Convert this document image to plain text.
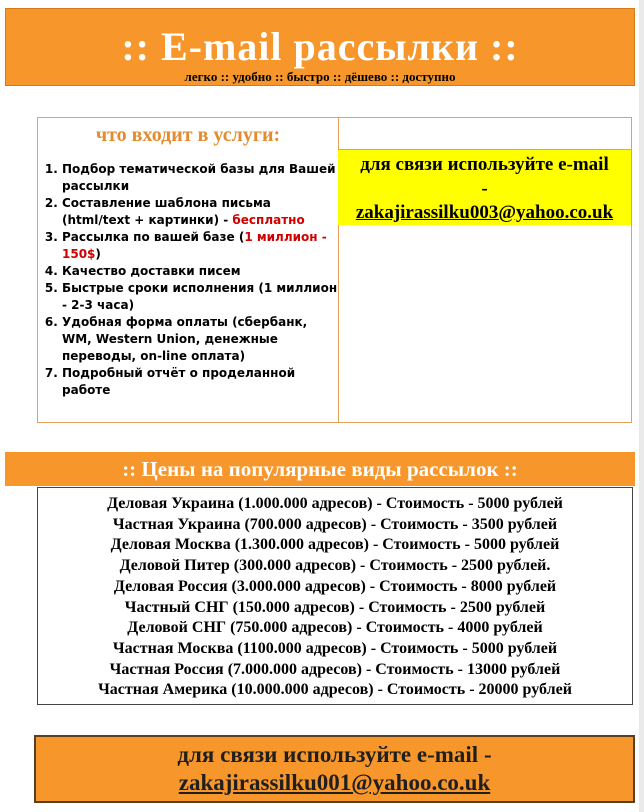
:: E-mail рассылки ::
легко :: удобно :: быстро :: дёшево :: доступно
что входит в услуги:
1. Подбор тематической базы для Вашей рассылки
2. Составление шаблона письма (html/text + картинки) - бесплатно
3. Рассылка по вашей базе (1 миллион - 150$)
4. Качество доставки писем
5. Быстрые сроки исполнения (1 миллион - 2-3 часа)
6. Удобная форма оплаты (сбербанк, WM, Western Union, денежные переводы, on-line оплата)
7. Подробный отчёт о проделанной работе
для связи используйте e-mail
-
zakajirassilku003@yahoo.co.uk
:: Цены на популярные виды рассылок ::
Деловая Украина (1.000.000 адресов) - Стоимость - 5000 рублей
Частная Украина (700.000 адресов) - Стоимость - 3500 рублей
Деловая Москва (1.300.000 адресов) - Стоимость - 5000 рублей
Деловой Питер (300.000 адресов) - Стоимость - 2500 рублей.
Деловая Россия (3.000.000 адресов) - Стоимость - 8000 рублей
Частный СНГ (150.000 адресов) - Стоимость - 2500 рублей
Деловой СНГ (750.000 адресов) - Стоимость - 4000 рублей
Частная Москва (1100.000 адресов) - Стоимость - 5000 рублей
Частная Россия (7.000.000 адресов) - Стоимость - 13000 рублей
Частная Америка (10.000.000 адресов) - Стоимость - 20000 рублей
для связи используйте e-mail -
zakajirassilku001@yahoo.co.uk
